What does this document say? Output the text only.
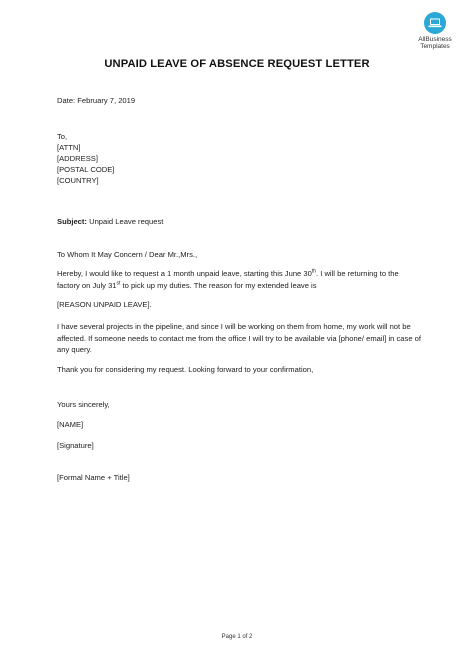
AllBusiness
Templates
UNPAID LEAVE OF ABSENCE REQUEST LETTER
Date: February 7, 2019
To,
[ATTN]
[ADDRESS]
[POSTAL CODE]
[COUNTRY]
Subject: Unpaid Leave request
To Whom It May Concern / Dear Mr.,Mrs.,
Hereby, I would like to request a 1 month unpaid leave, starting this June 30th. I will be returning to the factory on July 31st to pick up my duties. The reason for my extended leave is
[REASON UNPAID LEAVE].
I have several projects in the pipeline, and since I will be working on them from home, my work will not be affected. If someone needs to contact me from the office I will try to be available via [phone/ email] in case of any query.
Thank you for considering my request. Looking forward to your confirmation,
Yours sincerely,
[NAME]
[Signature]
[Formal Name + Title]
Page 1 of 2
